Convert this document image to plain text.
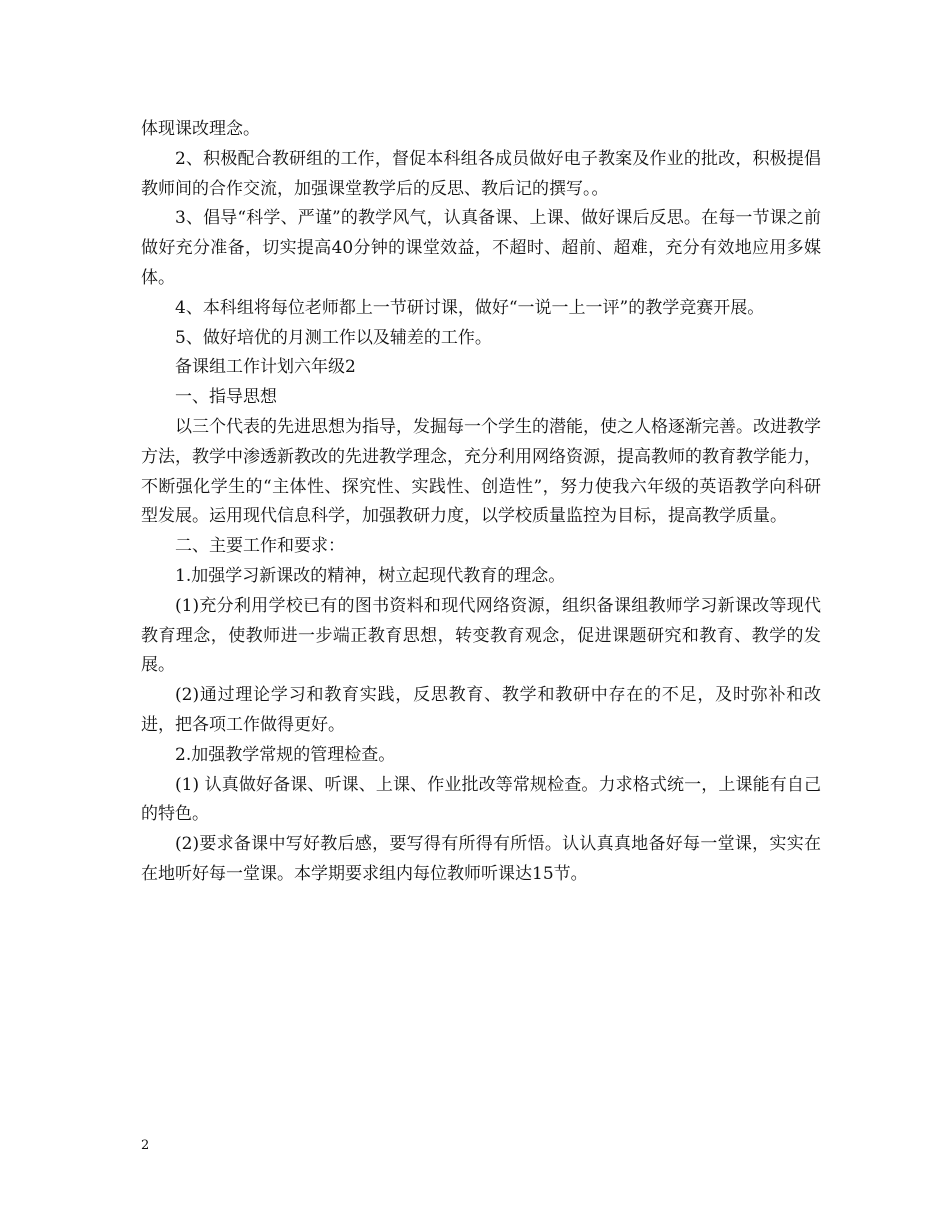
体现课改理念。

2、积极配合教研组的工作，督促本科组各成员做好电子教案及作业的批改，积极提倡教师间的合作交流，加强课堂教学后的反思、教后记的撰写。。

3、倡导“科学、严谨”的教学风气，认真备课、上课、做好课后反思。在每一节课之前做好充分准备，切实提高40分钟的课堂效益，不超时、超前、超难，充分有效地应用多媒体。

4、本科组将每位老师都上一节研讨课，做好“一说一上一评”的教学竞赛开展。

5、做好培优的月测工作以及辅差的工作。

备课组工作计划六年级2

一、指导思想

以三个代表的先进思想为指导，发掘每一个学生的潜能，使之人格逐渐完善。改进教学方法，教学中渗透新教改的先进教学理念，充分利用网络资源，提高教师的教育教学能力，不断强化学生的“主体性、探究性、实践性、创造性”，努力使我六年级的英语教学向科研型发展。运用现代信息科学，加强教研力度，以学校质量监控为目标，提高教学质量。

二、主要工作和要求：

1.加强学习新课改的精神，树立起现代教育的理念。

(1)充分利用学校已有的图书资料和现代网络资源，组织备课组教师学习新课改等现代教育理念，使教师进一步端正教育思想，转变教育观念，促进课题研究和教育、教学的发展。

(2)通过理论学习和教育实践，反思教育、教学和教研中存在的不足，及时弥补和改进，把各项工作做得更好。

2.加强教学常规的管理检查。

(1) 认真做好备课、听课、上课、作业批改等常规检查。力求格式统一，上课能有自己的特色。

(2)要求备课中写好教后感，要写得有所得有所悟。认认真真地备好每一堂课，实实在在地听好每一堂课。本学期要求组内每位教师听课达15节。

2
